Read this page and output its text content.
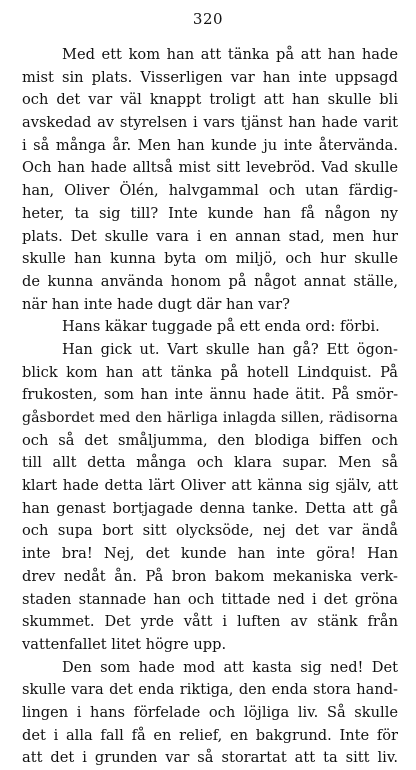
320
Med ett kom han att tänka på att han hade
mist sin plats. Visserligen var han inte uppsagd
och det var väl knappt troligt att han skulle bli
avskedad av styrelsen i vars tjänst han hade varit
i så många år. Men han kunde ju inte återvända.
Och han hade alltså mist sitt levebröd. Vad skulle
han, Oliver Ölén, halvgammal och utan färdig-
heter, ta sig till? Inte kunde han få någon ny
plats. Det skulle vara i en annan stad, men hur
skulle han kunna byta om miljö, och hur skulle
de kunna använda honom på något annat ställe,
när han inte hade dugt där han var?
Hans käkar tuggade på ett enda ord: förbi.
Han gick ut. Vart skulle han gå? Ett ögon-
blick kom han att tänka på hotell Lindquist. På
frukosten, som han inte ännu hade ätit. På smör-
gåsbordet med den härliga inlagda sillen, rädisorna
och så det småljumma, den blodiga biffen och
till allt detta många och klara supar. Men så
klart hade detta lärt Oliver att känna sig själv, att
han genast bortjagade denna tanke. Detta att gå
och supa bort sitt olycksöde, nej det var ändå
inte bra! Nej, det kunde han inte göra! Han
drev nedåt ån. På bron bakom mekaniska verk-
staden stannade han och tittade ned i det gröna
skummet. Det yrde vått i luften av stänk från
vattenfallet litet högre upp.
Den som hade mod att kasta sig ned! Det
skulle vara det enda riktiga, den enda stora hand-
lingen i hans förfelade och löjliga liv. Så skulle
det i alla fall få en relief, en bakgrund. Inte för
att det i grunden var så storartat att ta sitt liv.
